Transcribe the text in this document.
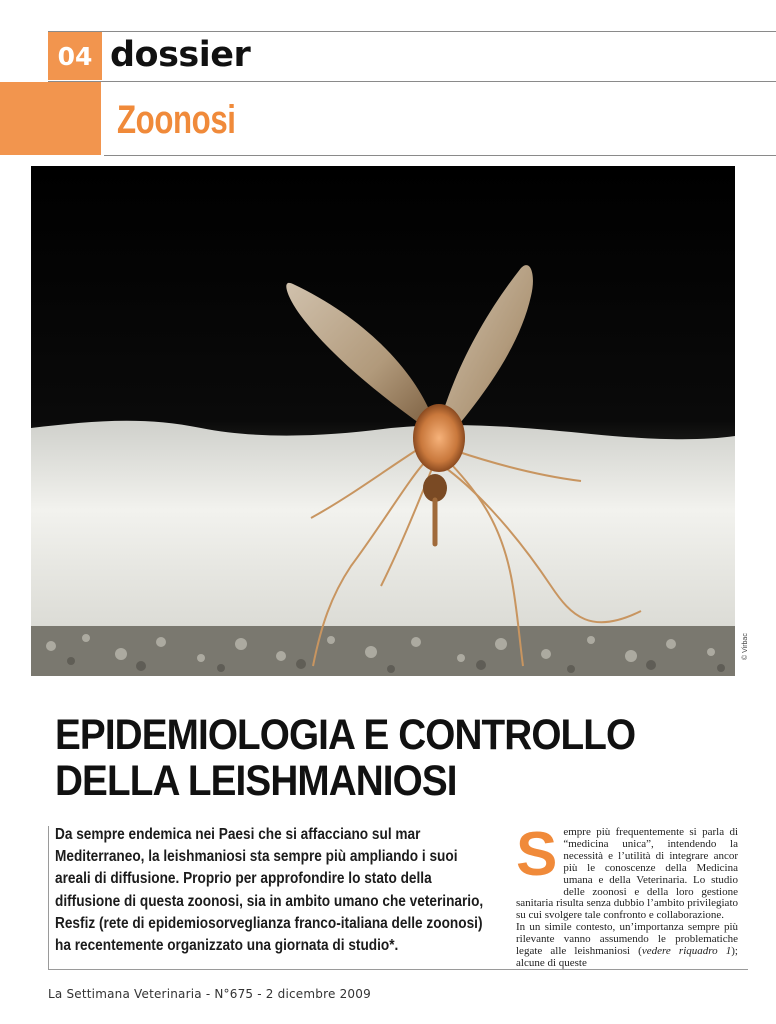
04 dossier
Zoonosi
© Virbac
EPIDEMIOLOGIA E CONTROLLO
DELLA LEISHMANIOSI
Da sempre endemica nei Paesi che si affacciano sul mar Mediterraneo, la leishmaniosi sta sempre più ampliando i suoi areali di diffusione. Proprio per approfondire lo stato della diffusione di questa zoonosi, sia in ambito umano che veterinario, Resfiz (rete di epidemiosorveglianza franco-italiana delle zoonosi) ha recentemente organizzato una giornata di studio*.
S empre più frequentemente si parla di “medicina unica”, intendendo la necessità e l’utilità di integrare ancor più le conoscenze della Medicina umana e della Veterinaria. Lo studio delle zoonosi e della loro gestione sanitaria risulta senza dubbio l’ambito privilegiato su cui svolgere tale confronto e collaborazione.

In un simile contesto, un’importanza sempre più rilevante vanno assumendo le problematiche legate alle leishmaniosi (vedere riquadro 1); alcune di queste

La Settimana Veterinaria - N°675 - 2 dicembre 2009
